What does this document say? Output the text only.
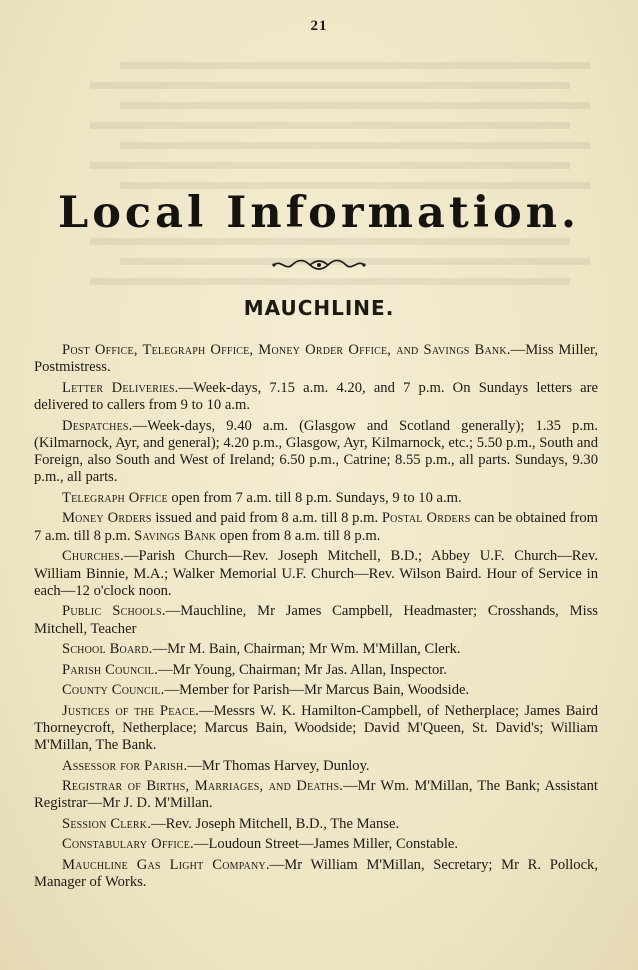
21
Local Information.
MAUCHLINE.

Post Office, Telegraph Office, Money Order Office, and Savings Bank.—Miss Miller, Postmistress.

Letter Deliveries.—Week-days, 7.15 a.m. 4.20, and 7 p.m. On Sundays letters are delivered to callers from 9 to 10 a.m.

Despatches.—Week-days, 9.40 a.m. (Glasgow and Scotland generally); 1.35 p.m. (Kilmarnock, Ayr, and general); 4.20 p.m., Glasgow, Ayr, Kilmarnock, etc.; 5.50 p.m., South and Foreign, also South and West of Ireland; 6.50 p.m., Catrine; 8.55 p.m., all parts. Sundays, 9.30 p.m., all parts.

Telegraph Office open from 7 a.m. till 8 p.m. Sundays, 9 to 10 a.m.

Money Orders issued and paid from 8 a.m. till 8 p.m. Postal Orders can be obtained from 7 a.m. till 8 p.m. Savings Bank open from 8 a.m. till 8 p.m.

Churches.—Parish Church—Rev. Joseph Mitchell, B.D.; Abbey U.F. Church—Rev. William Binnie, M.A.; Walker Memorial U.F. Church—Rev. Wilson Baird. Hour of Service in each—12 o'clock noon.

Public Schools.—Mauchline, Mr James Campbell, Headmaster; Crosshands, Miss Mitchell, Teacher

School Board.—Mr M. Bain, Chairman; Mr Wm. M'Millan, Clerk.

Parish Council.—Mr Young, Chairman; Mr Jas. Allan, Inspector.

County Council.—Member for Parish—Mr Marcus Bain, Woodside.

Justices of the Peace.—Messrs W. K. Hamilton-Campbell, of Netherplace; James Baird Thorneycroft, Netherplace; Marcus Bain, Woodside; David M'Queen, St. David's; William M'Millan, The Bank.

Assessor for Parish.—Mr Thomas Harvey, Dunloy.

Registrar of Births, Marriages, and Deaths.—Mr Wm. M'Millan, The Bank; Assistant Registrar—Mr J. D. M'Millan.

Session Clerk.—Rev. Joseph Mitchell, B.D., The Manse.

Constabulary Office.—Loudoun Street—James Miller, Constable.

Mauchline Gas Light Company.—Mr William M'Millan, Secretary; Mr R. Pollock, Manager of Works.
